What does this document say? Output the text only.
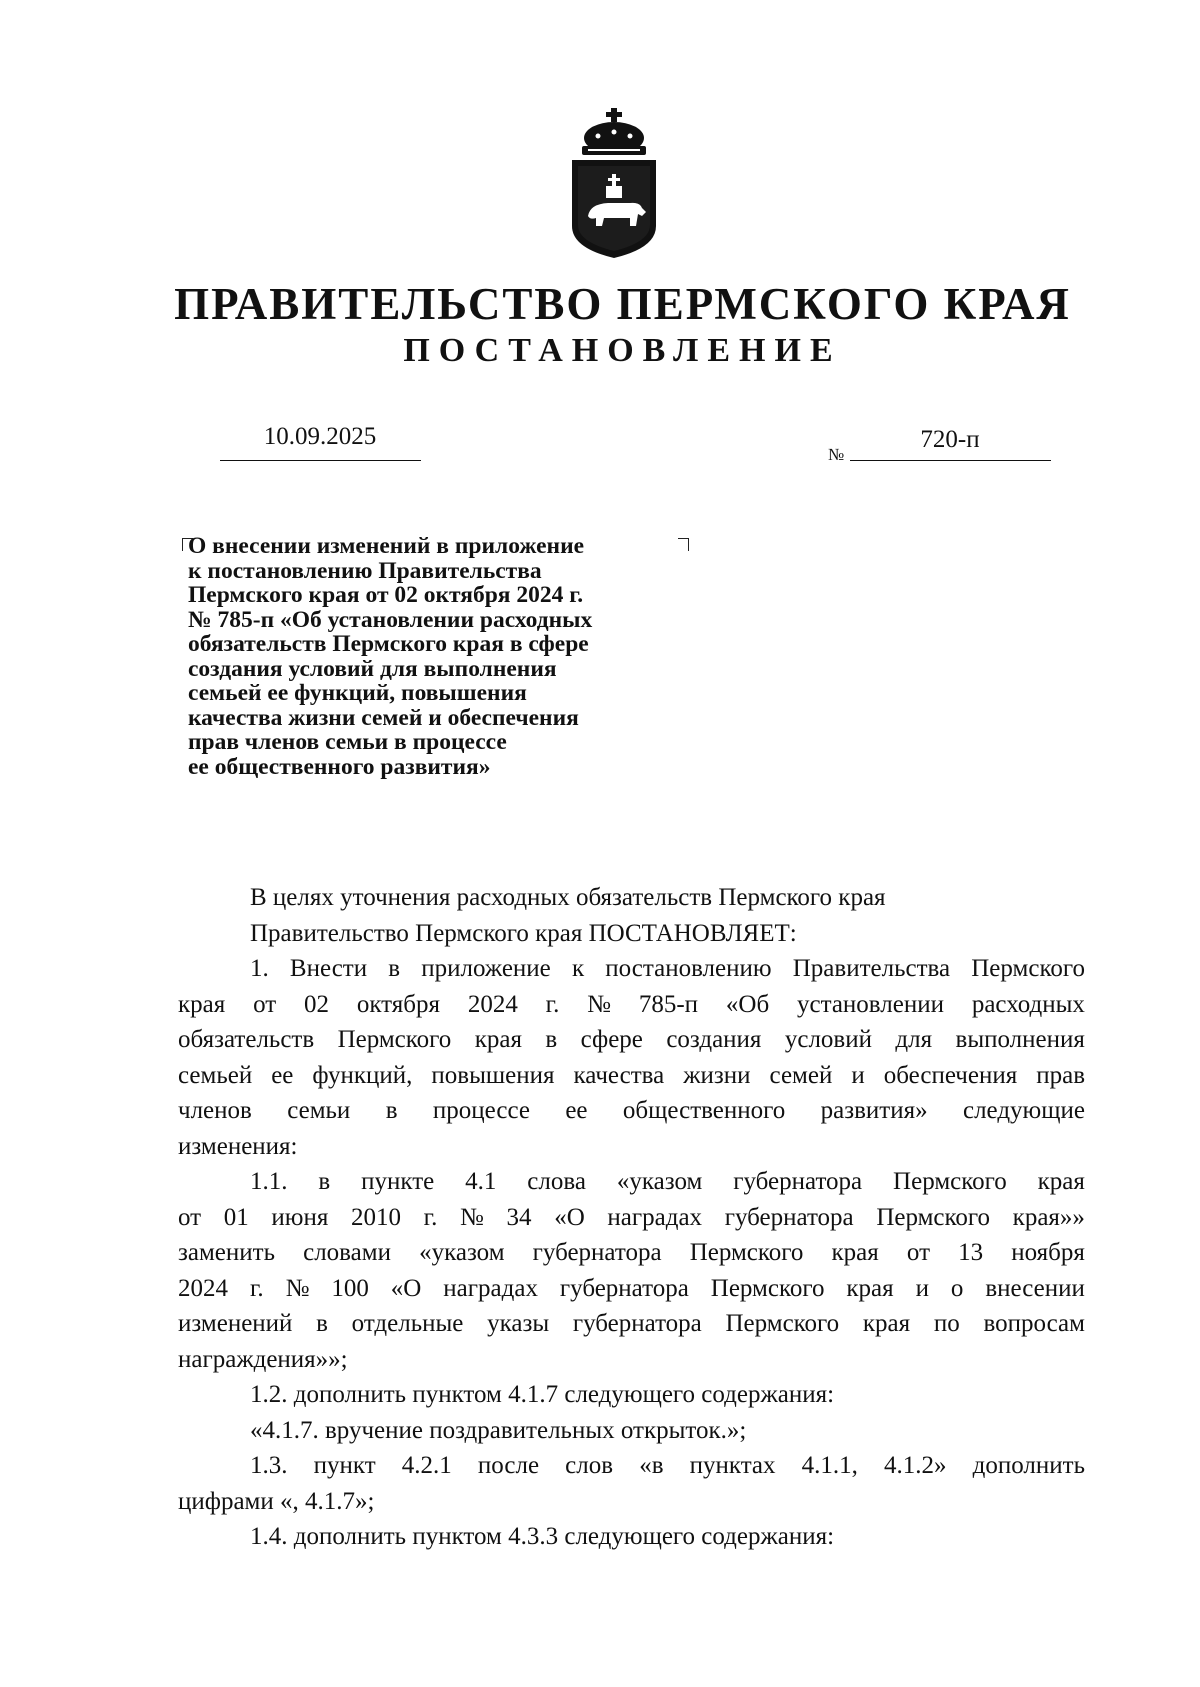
ПРАВИТЕЛЬСТВО ПЕРМСКОГО КРАЯ
ПОСТАНОВЛЕНИЕ
10.09.2025
№
720-п
О внесении изменений в приложение
к постановлению Правительства
Пермского края от 02 октября 2024 г.
№ 785-п «Об установлении расходных
обязательств Пермского края в сфере
создания условий для выполнения
семьей ее функций, повышения
качества жизни семей и обеспечения
прав членов семьи в процессе
ее общественного развития»
В целях уточнения расходных обязательств Пермского края
Правительство Пермского края ПОСТАНОВЛЯЕТ:
1. Внести в приложение к постановлению Правительства Пермского
края от 02 октября 2024 г. № 785-п «Об установлении расходных
обязательств Пермского края в сфере создания условий для выполнения
семьей ее функций, повышения качества жизни семей и обеспечения прав
членов семьи в процессе ее общественного развития» следующие
изменения:
1.1. в пункте 4.1 слова «указом губернатора Пермского края
от 01 июня 2010 г. № 34 «О наградах губернатора Пермского края»»
заменить словами «указом губернатора Пермского края от 13 ноября
2024 г. № 100 «О наградах губернатора Пермского края и о внесении
изменений в отдельные указы губернатора Пермского края по вопросам
награждения»»;
1.2. дополнить пунктом 4.1.7 следующего содержания:
«4.1.7. вручение поздравительных открыток.»;
1.3. пункт 4.2.1 после слов «в пунктах 4.1.1, 4.1.2» дополнить
цифрами «, 4.1.7»;
1.4. дополнить пунктом 4.3.3 следующего содержания:
